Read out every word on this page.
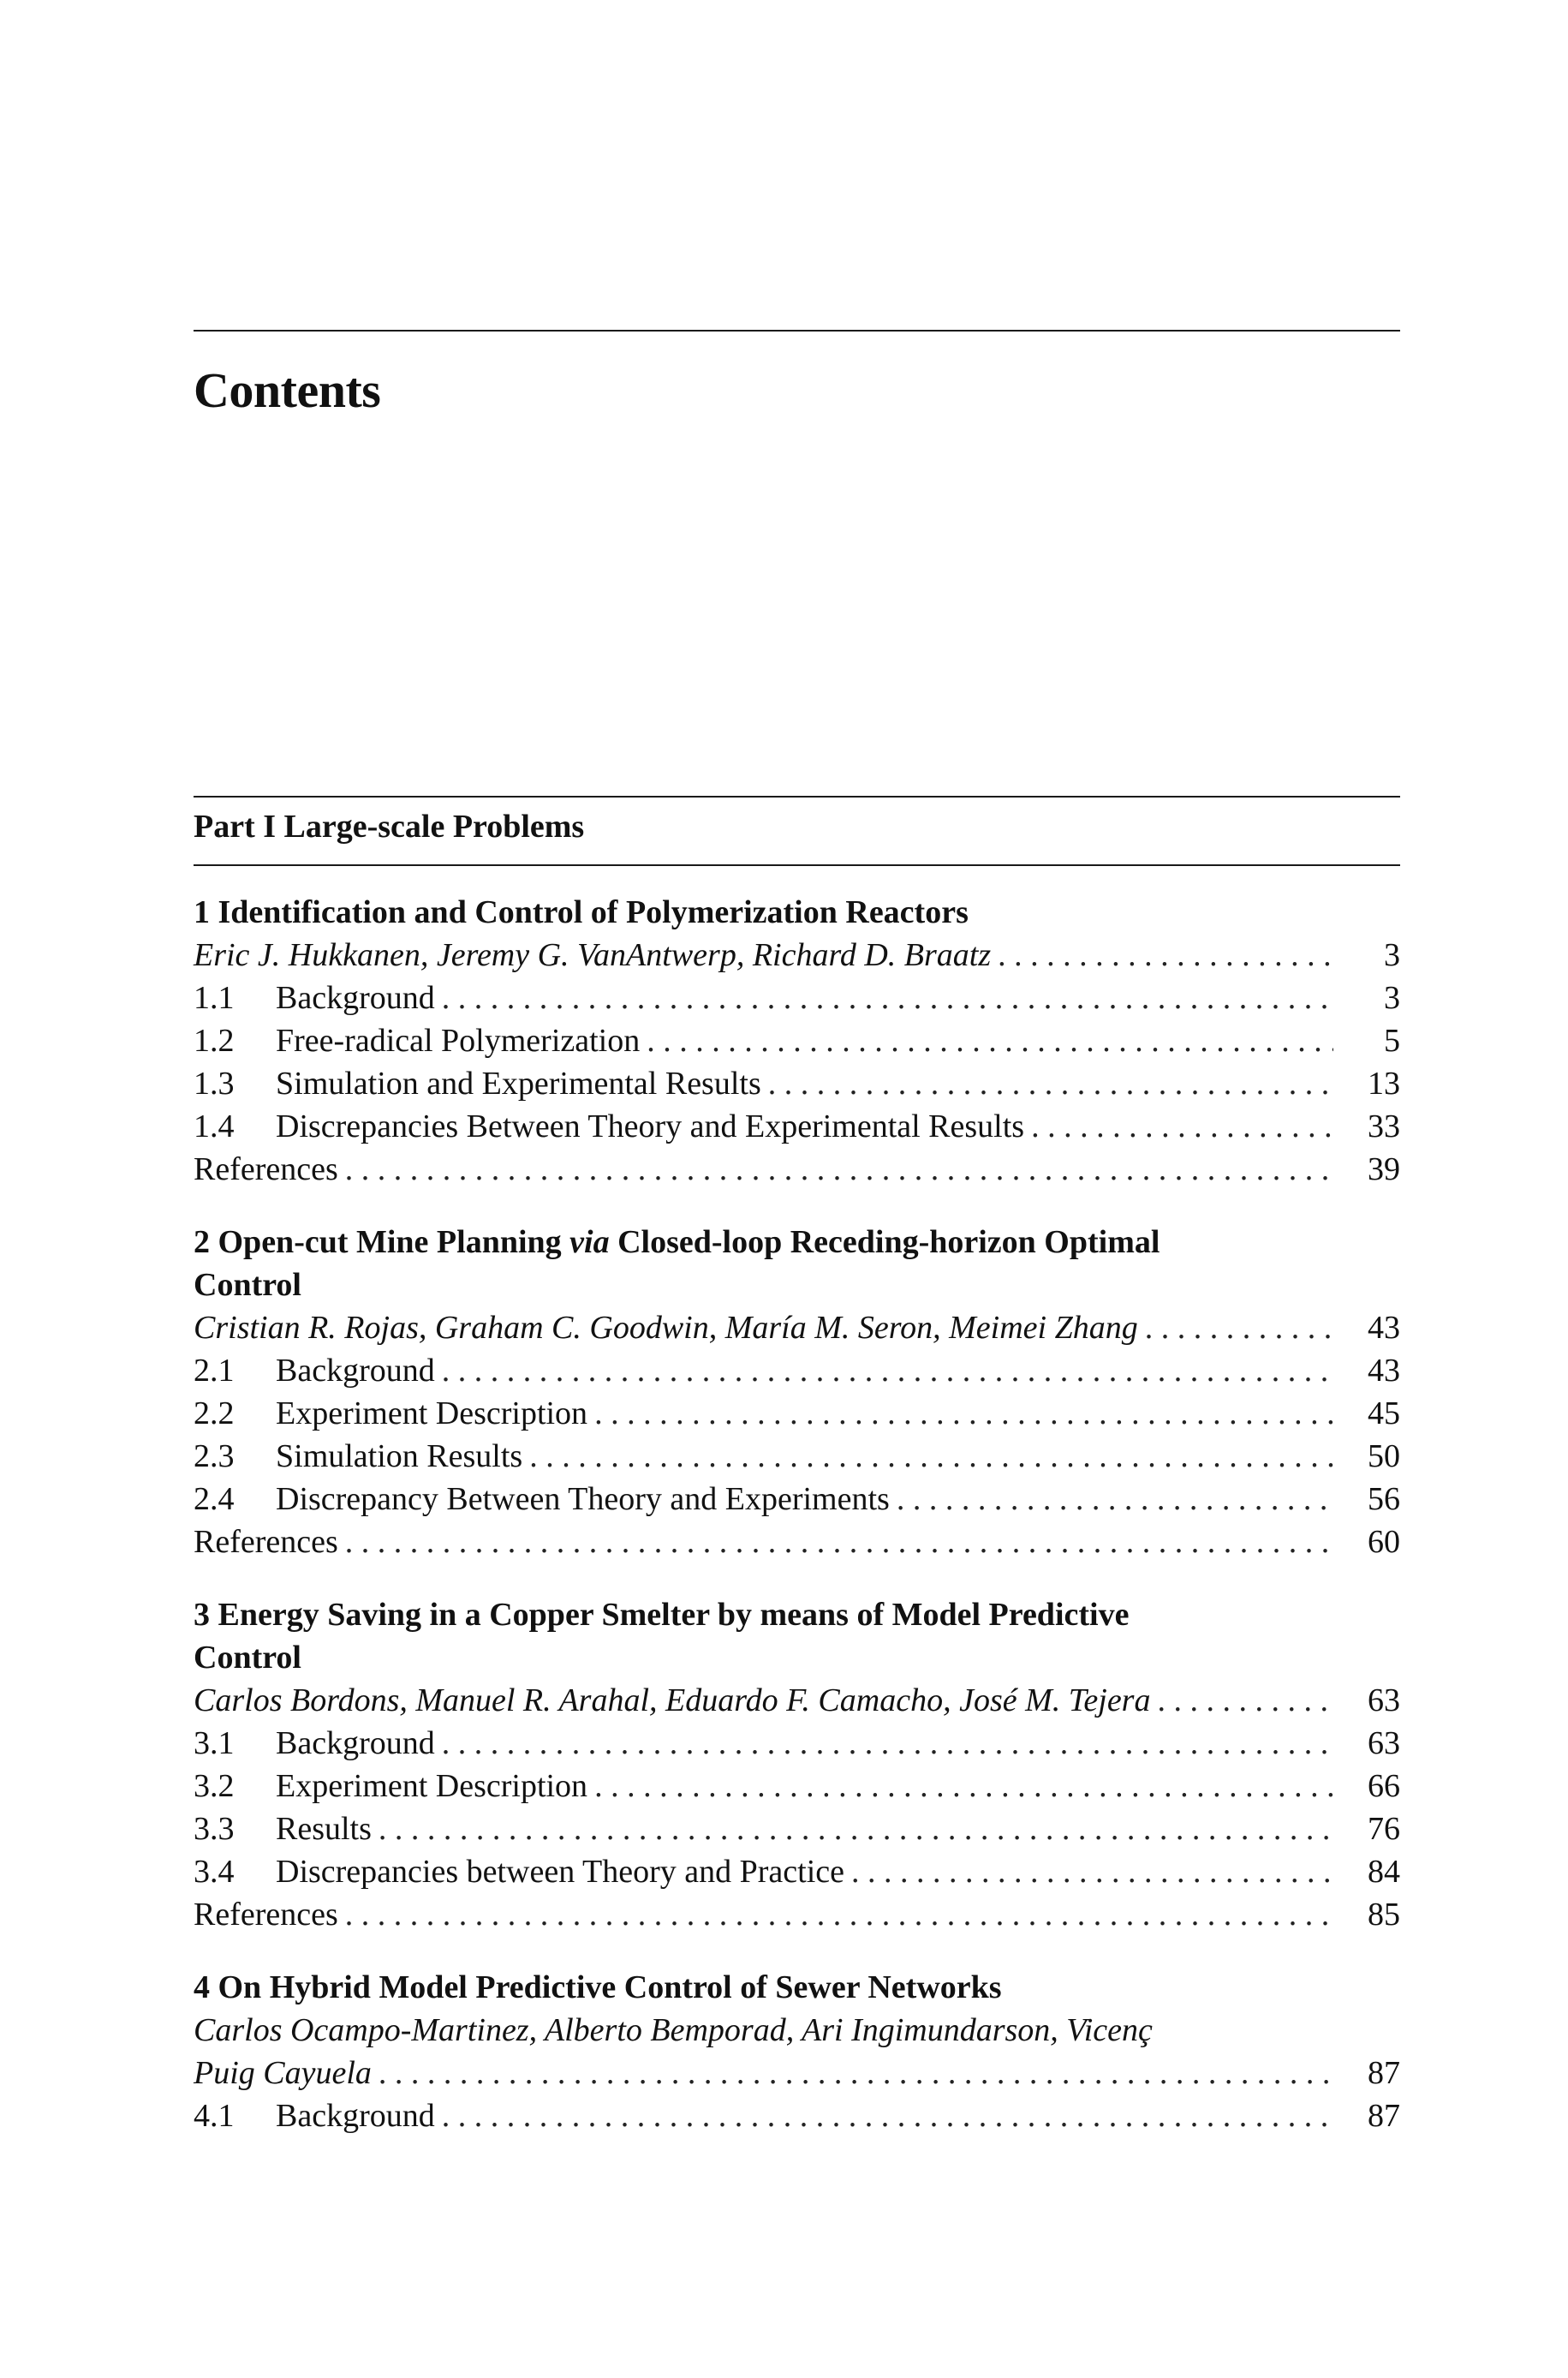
Contents
Part I Large-scale Problems
1 Identification and Control of Polymerization Reactors
Eric J. Hukkanen, Jeremy G. VanAntwerp, Richard D. Braatz . . .	3
1.1	Background . . .	3
1.2	Free-radical Polymerization . . .	5
1.3	Simulation and Experimental Results . . .	13
1.4	Discrepancies Between Theory and Experimental Results . . .	33
References . . .	39
2 Open-cut Mine Planning
via
Closed-loop Receding-horizon Optimal
Control
Cristian R. Rojas, Graham C. Goodwin, María M. Seron, Meimei Zhang . . .	43
2.1	Background . . .	43
2.2	Experiment Description . . .	45
2.3	Simulation Results . . .	50
2.4	Discrepancy Between Theory and Experiments . . .	56
References . . .	60
3 Energy Saving in a Copper Smelter by means of Model Predictive
Control
Carlos Bordons, Manuel R. Arahal, Eduardo F. Camacho, José M. Tejera . . .	63
3.1	Background . . .	63
3.2	Experiment Description . . .	66
3.3	Results . . .	76
3.4	Discrepancies between Theory and Practice . . .	84
References . . .	85
4 On Hybrid Model Predictive Control of Sewer Networks
Carlos Ocampo-Martinez, Alberto Bemporad, Ari Ingimundarson, Vicenç
Puig Cayuela . . .	87
4.1	Background . . .	87
